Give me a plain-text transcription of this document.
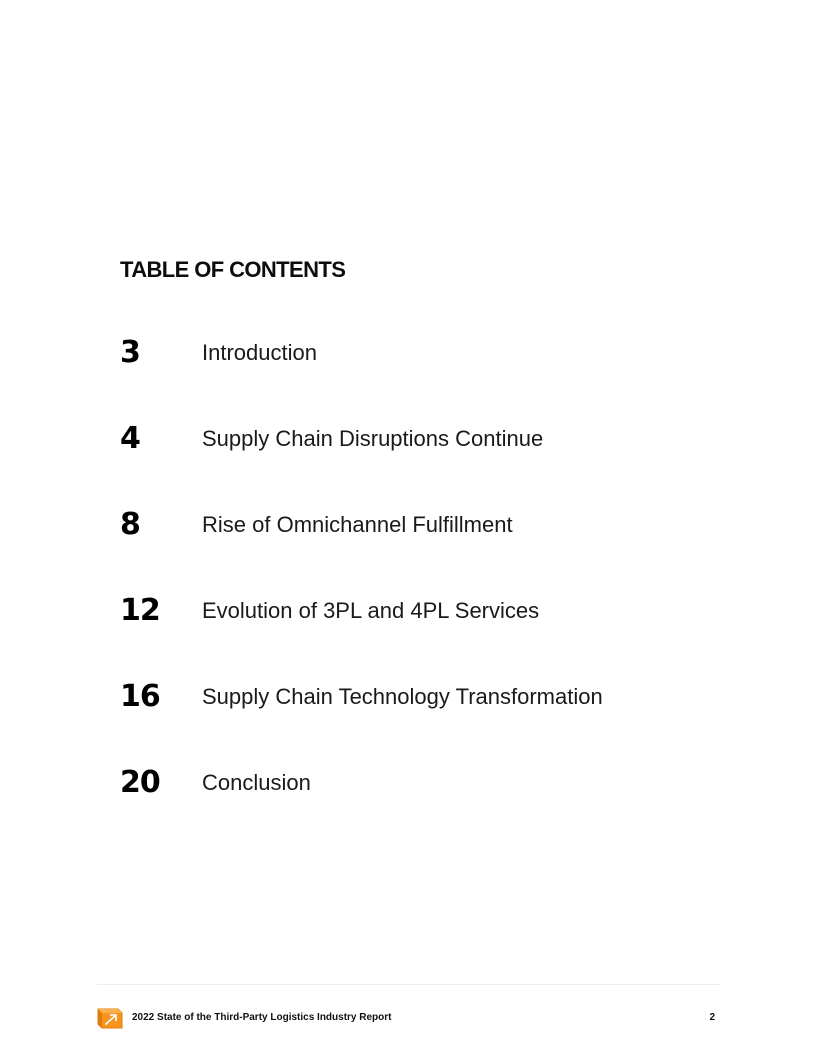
TABLE OF CONTENTS
3	Introduction
4	Supply Chain Disruptions Continue
8	Rise of Omnichannel Fulfillment
12 Evolution of 3PL and 4PL Services
16 Supply Chain Technology Transformation
20 Conclusion
2022 State of the Third-Party Logistics Industry Report	2
